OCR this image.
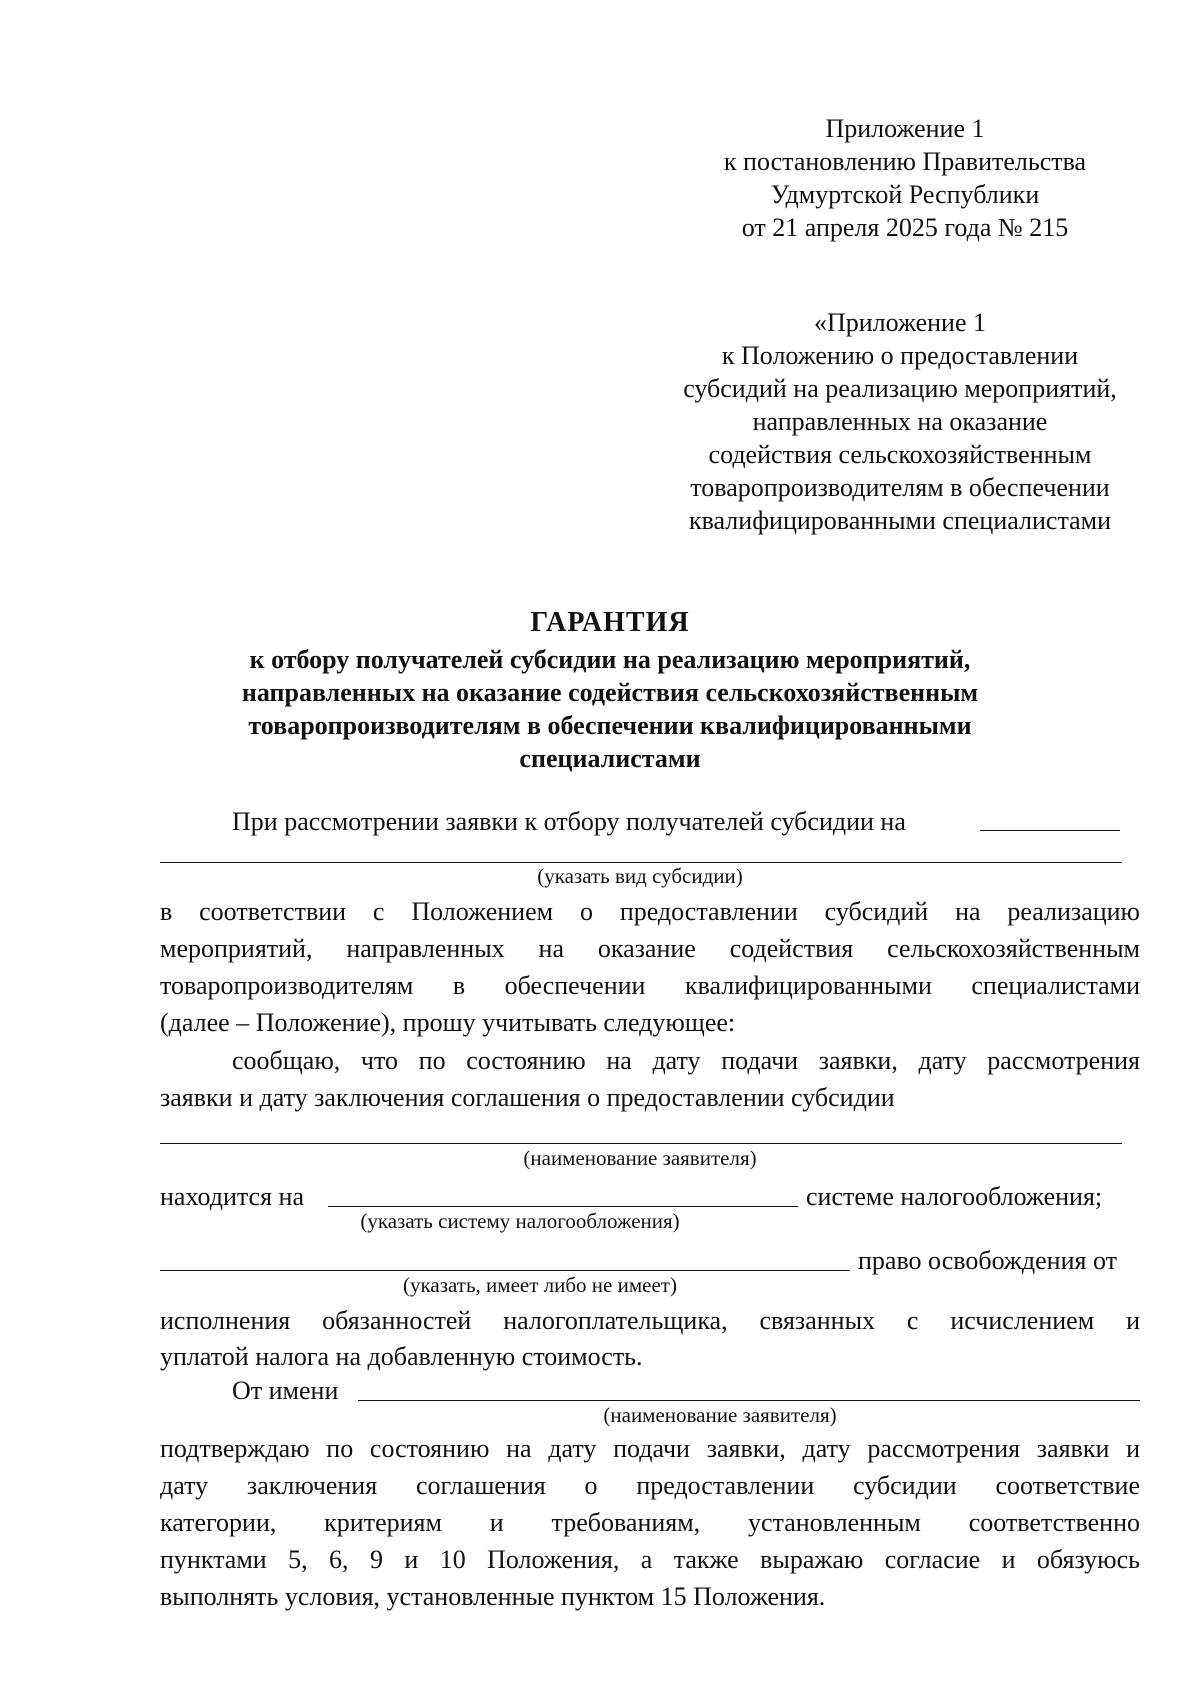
Приложение 1
к постановлению Правительства
Удмуртской Республики
от 21 апреля 2025 года № 215
«Приложение 1
к Положению о предоставлении
субсидий на реализацию мероприятий,
направленных на оказание
содействия сельскохозяйственным
товаропроизводителям в обеспечении
квалифицированными специалистами
ГАРАНТИЯ
к отбору получателей субсидии на реализацию мероприятий,
направленных на оказание содействия сельскохозяйственным
товаропроизводителям в обеспечении квалифицированными
специалистами
При рассмотрении заявки к отбору получателей субсидии на
(указать вид субсидии)
в соответствии с Положением о предоставлении субсидий на реализацию
мероприятий, направленных на оказание содействия сельскохозяйственным
товаропроизводителям в обеспечении квалифицированными специалистами
(далее – Положение), прошу учитывать следующее:
сообщаю, что по состоянию на дату подачи заявки, дату рассмотрения
заявки и дату заключения соглашения о предоставлении субсидии
(наименование заявителя)
находится на	системе налогообложения;
(указать систему налогообложения)
право освобождения от
(указать, имеет либо не имеет)
исполнения обязанностей налогоплательщика, связанных с исчислением и
уплатой налога на добавленную стоимость.
От имени
(наименование заявителя)
подтверждаю по состоянию на дату подачи заявки, дату рассмотрения заявки и
дату заключения соглашения о предоставлении субсидии соответствие
категории, критериям и требованиям, установленным соответственно
пунктами 5, 6, 9 и 10 Положения, а также выражаю согласие и обязуюсь
выполнять условия, установленные пунктом 15 Положения.
